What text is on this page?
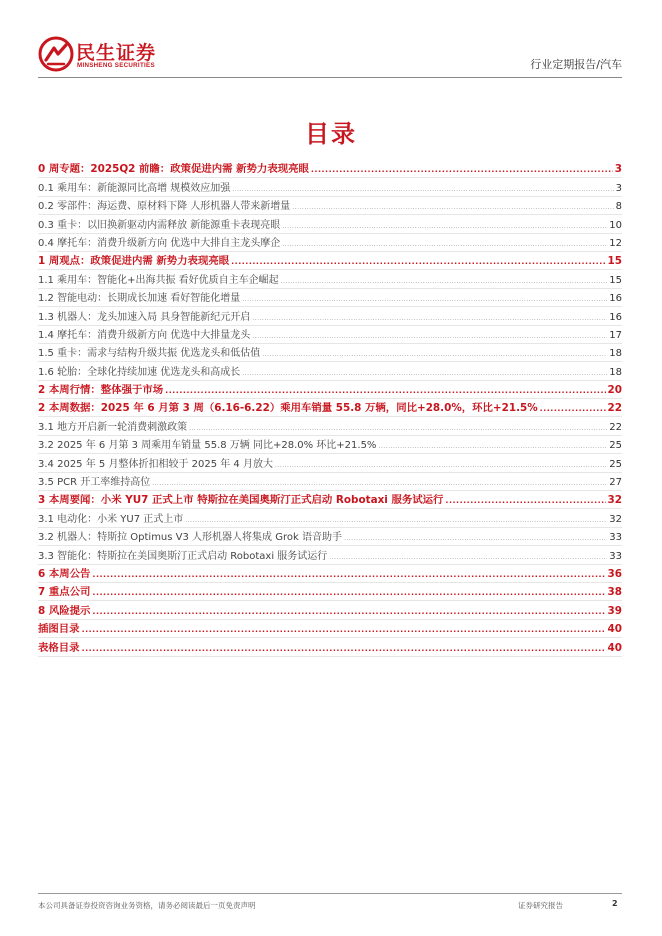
民生证券
MINSHENG SECURITIES	行业定期报告/汽车
目录
0 周专题：2025Q2 前瞻：政策促进内需 新势力表现亮眼 .....	3
0.1 乘用车：新能源同比高增 规模效应加强 .....	3
0.2 零部件：海运费、原材料下降 人形机器人带来新增量 .....	8
0.3 重卡：以旧换新驱动内需释放 新能源重卡表现亮眼 .....	10
0.4 摩托车：消费升级新方向 优选中大排自主龙头摩企 .....	12
1 周观点：政策促进内需 新势力表现亮眼 .....	15
1.1 乘用车：智能化+出海共振 看好优质自主车企崛起 .....	15
1.2 智能电动：长期成长加速 看好智能化增量 .....	16
1.3 机器人：龙头加速入局 具身智能新纪元开启 .....	16
1.4 摩托车：消费升级新方向 优选中大排量龙头 .....	17
1.5 重卡：需求与结构升级共振 优选龙头和低估值 .....	18
1.6 轮胎：全球化持续加速 优选龙头和高成长 .....	18
2 本周行情：整体强于市场 .....	20
2 本周数据：2025 年 6 月第 3 周（6.16-6.22）乘用车销量 55.8 万辆，同比+28.0%，环比+21.5% .....	22
3.1 地方开启新一轮消费刺激政策 .....	22
3.2 2025 年 6 月第 3 周乘用车销量 55.8 万辆 同比+28.0% 环比+21.5% .....	25
3.4 2025 年 5 月整体折扣相较于 2025 年 4 月放大 .....	25
3.5 PCR 开工率维持高位 .....	27
3 本周要闻：小米 YU7 正式上市 特斯拉在美国奥斯汀正式启动 Robotaxi 服务试运行 .....	32
3.1 电动化：小米 YU7 正式上市 .....	32
3.2 机器人：特斯拉 Optimus V3 人形机器人将集成 Grok 语音助手 .....	33
3.3 智能化：特斯拉在美国奥斯汀正式启动 Robotaxi 服务试运行 .....	33
6 本周公告 .....	36
7 重点公司 .....	38
8 风险提示 .....	39
插图目录 .....	40
表格目录 .....	40
本公司具备证券投资咨询业务资格，请务必阅读最后一页免责声明	证券研究报告	2
